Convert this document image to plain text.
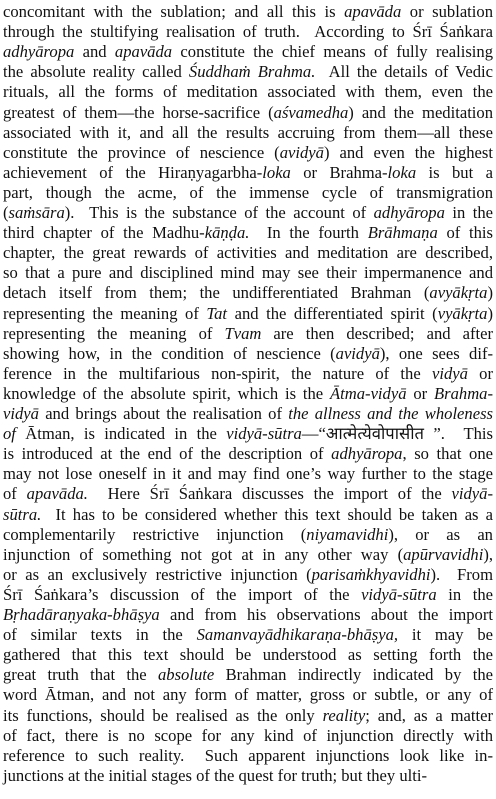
concomitant with the sublation; and all this is apavāda or sublation
through the stultifying realisation of truth.  According to Śrī Śaṅkara
adhyāropa and apavāda constitute the chief means of fully realising
the absolute reality called Śuddhaṁ Brahma.  All the details of Vedic
rituals, all the forms of meditation associated with them, even the
greatest of them—the horse-sacrifice (aśvamedha) and the meditation
associated with it, and all the results accruing from them—all these
constitute the province of nescience (avidyā) and even the highest
achievement of the Hiraṇyagarbha-loka or Brahma-loka is but a
part, though the acme, of the immense cycle of transmigration
(saṁsāra).  This is the substance of the account of adhyāropa in the
third chapter of the Madhu-kāṇḍa.  In the fourth Brāhmaṇa of this
chapter, the great rewards of activities and meditation are described,
so that a pure and disciplined mind may see their impermanence and
detach itself from them; the undifferentiated Brahman (avyākṛta)
representing the meaning of Tat and the differentiated spirit (vyākṛta)
representing the meaning of Tvam are then described; and after
showing how, in the condition of nescience (avidyā), one sees dif-
ference in the multifarious non-spirit, the nature of the vidyā or
knowledge of the absolute spirit, which is the Ātma-vidyā or Brahma-
vidyā and brings about the realisation of the allness and the wholeness
of Ātman, is indicated in the vidyā-sūtra—“आत्मेत्येवोपासीत ”.  This
is introduced at the end of the description of adhyāropa, so that one
may not lose oneself in it and may find one’s way further to the stage
of apavāda.  Here Śrī Śaṅkara discusses the import of the vidyā-
sūtra.  It has to be considered whether this text should be taken as a
complementarily restrictive injunction (niyamavidhi), or as an
injunction of something not got at in any other way (apūrvavidhi),
or as an exclusively restrictive injunction (parisaṁkhyavidhi).  From
Śrī Śaṅkara’s discussion of the import of the vidyā-sūtra in the
Bṛhadāraṇyaka-bhāṣya and from his observations about the import
of similar texts in the Samanvayādhikaraṇa-bhāṣya, it may be
gathered that this text should be understood as setting forth the
great truth that the absolute Brahman indirectly indicated by the
word Ātman, and not any form of matter, gross or subtle, or any of
its functions, should be realised as the only reality; and, as a matter
of fact, there is no scope for any kind of injunction directly with
reference to such reality.  Such apparent injunctions look like in-
junctions at the initial stages of the quest for truth; but they ulti-
